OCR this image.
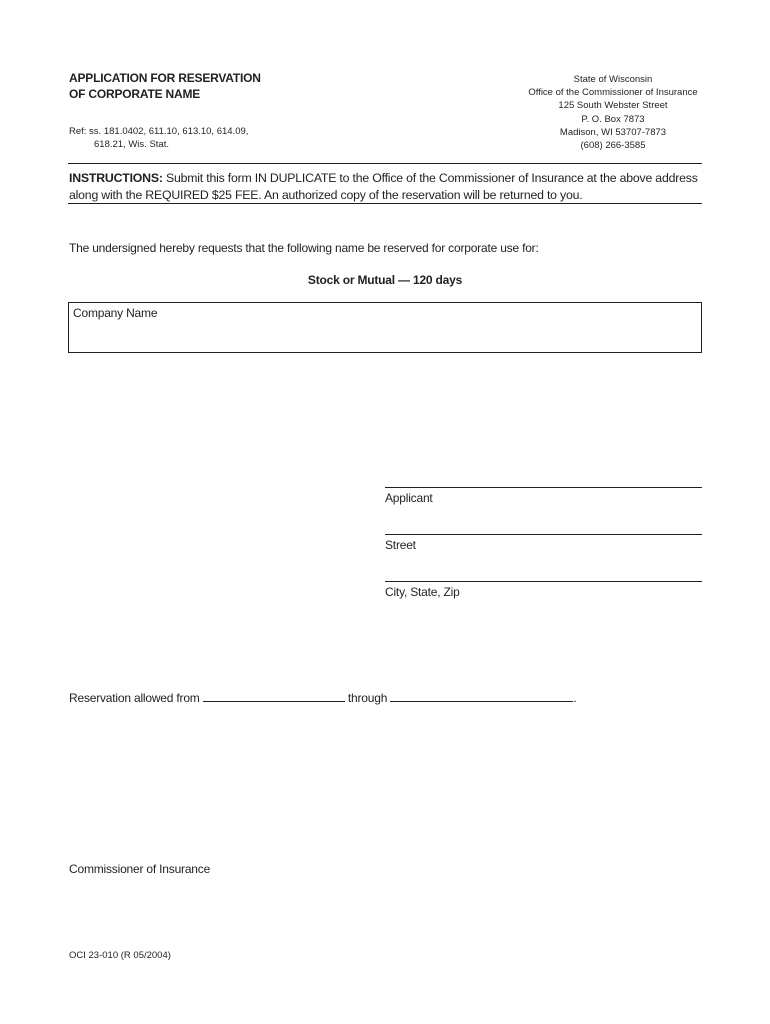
APPLICATION FOR RESERVATION
OF CORPORATE NAME
Ref: ss. 181.0402, 611.10, 613.10, 614.09,
618.21, Wis. Stat.
State of Wisconsin
Office of the Commissioner of Insurance
125 South Webster Street
P. O. Box 7873
Madison, WI 53707-7873
(608) 266-3585
INSTRUCTIONS: Submit this form IN DUPLICATE to the Office of the Commissioner of Insurance at the above address along with the REQUIRED $25 FEE. An authorized copy of the reservation will be returned to you.
The undersigned hereby requests that the following name be reserved for corporate use for:
Stock or Mutual — 120 days
Company Name
Applicant
Street
City, State, Zip
Reservation allowed from	through	.
Commissioner of Insurance
OCI 23-010 (R 05/2004)
